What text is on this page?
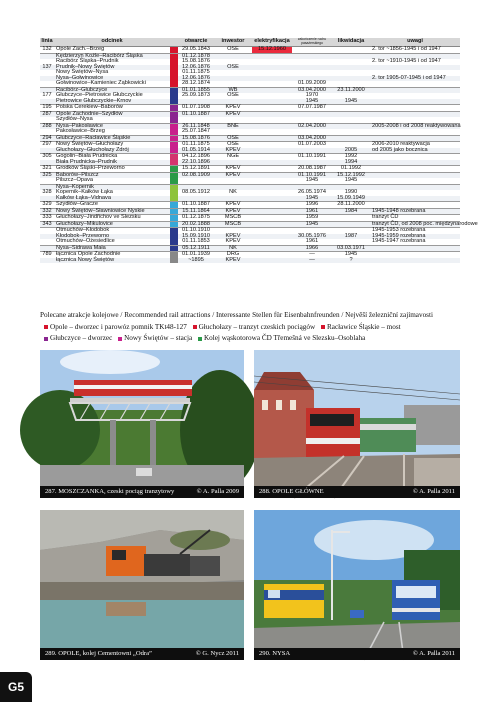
linia	odcinek		otwarcie	inwestor	elektryfikacja	zakończenie ruchu pasażerskiego	likwidacja	uwagi
132	Opole Zach.–Brzeg		29.05.1843	OSE	15.12.1960			2. tor ~1856-1945 i od 1947
	Kędzierzyn Koźle–Racibórz Śląska		01.12.1878					
	Racibórz Śląska–Prudnik		15.08.1876					2. tor ~1910-1945 i od 1947
137	Prudnik–Nowy Świętów		12.06.1876	OSE				
	Nowy Świętów–Nysa		01.11.1875					
	Nysa–Gołwinowice		12.06.1876					2. tor 1905-07-1945 i od 1947
	Gołwinowice–Kamieniec Ząbkowicki		28.12.1874			01.09.2009		
	Racibórz–Głubczyce		01.01.1855	WB		03.04.2000	23.11.2000	
177	Głubczyce–Pietrowice Głubczyckie		25.09.1873	OSE		1970		
	Pietrowice Głubczyckie–Krnov					1945	1945	
195	Polska Cerekiew–Baborów		01.07.1908	KPEV		07.07.1987		
287	Opole Zachodnie–Szydłów		01.10.1887	KPEV				
	Szydłów–Nysa							
288	Nysa–Pakosławice		26.11.1848	BNE		02.04.2000		2005-2008 i od 2008 reaktywowana
	Pakosławice–Brzeg		25.07.1847					
294	Głubczyce–Racławice Śląskie		15.08.1876	OSE		03.04.2000		
297	Nowy Świętów–Głuchołazy		01.11.1875	OSE		01.07.2003		2006-2010 reaktywacja
	Głuchołazy–Głuchołazy Zdrój		01.05.1914	KPEV			2005	od 2005 jako bocznica
305	Gogolin–Biała Prudnicka		04.12.1896	NGE		01.10.1991	1992	
	Biała Prudnicka–Prudnik		22.10.1896				1994	
321	Grodków Śląski–Przeworno		15.12.1891	KPEV		20.08.1987	01.1992	
325	Baborów–Pilszcz		02.08.1909	KPEV		01.10.1991	15.12.1992	
	Pilszcz–Opava					1945	1945	
	Nysa–Kopernik							
328	Kopernik–Kałków Łąka		08.05.1912	NK		26.05.1974	1990	
	Kałków Łąka–Vidnava					1945	15.09.1949	
329	Szydłów–Gracze		01.10.1887	KPEV		1996	28.11.2000	
332	Nowy Świętów–Sławniowice Nyskie		15.11.1864	KPEV		1961	1984	1945-1948 rozebrana
333	Głuchołazy–Jindřichov ve Slezsku		01.12.1875	MSCB		1959		tranzyt ČD
343	Głuchołazy–Mikulovice		20.02.1888	MSCB		1945		tranzyt ČD, od 2008 poc. międzynarodowe
	Otmuchów–Kłodobok		01.10.1910					1945-1953 rozebrana
	Kłodobok–Przeworno		15.09.1910	KPEV		30.05.1976	1987	1945-1959 rozebrana
	Otmuchów–Ożesiedlice		01.11.1853	KPEV		1961		1945-1947 rozebrana
	Nysa–Sidrawa Mała		05.12.1911	NK		1966	03.03.1971	
789	łącznica Opole Zachodnie		01.01.1939	DRG		—	1945	
	łącznica Nowy Świętów		~1895	KPEV		—	?	
Polecane atrakcje kolejowe / Recommended rail attractions / Interessante Stellen für Eisenbahnfreunden / Nejvěší železniční zajímavosti
Opole – dworzec i parowóz pomnik TKt48-127 Głuchołazy – tranzyt czeskich pociągów Racławice Śląskie – most Głubczyce – dworzec Nowy Świętów – stacja Kolej wąskotorowa ČD Třemešná ve Slezsku–Osoblaha
287. MOSZCZANKA, czeski pociąg tranzytowy	© A. Palla 2009	288. OPOLE GŁÓWNE	© A. Palla 2011
289. OPOLE, kolej Cementowni „Odra”	© G. Nycz 2011	290. NYSA	© A. Palla 2011
G5
